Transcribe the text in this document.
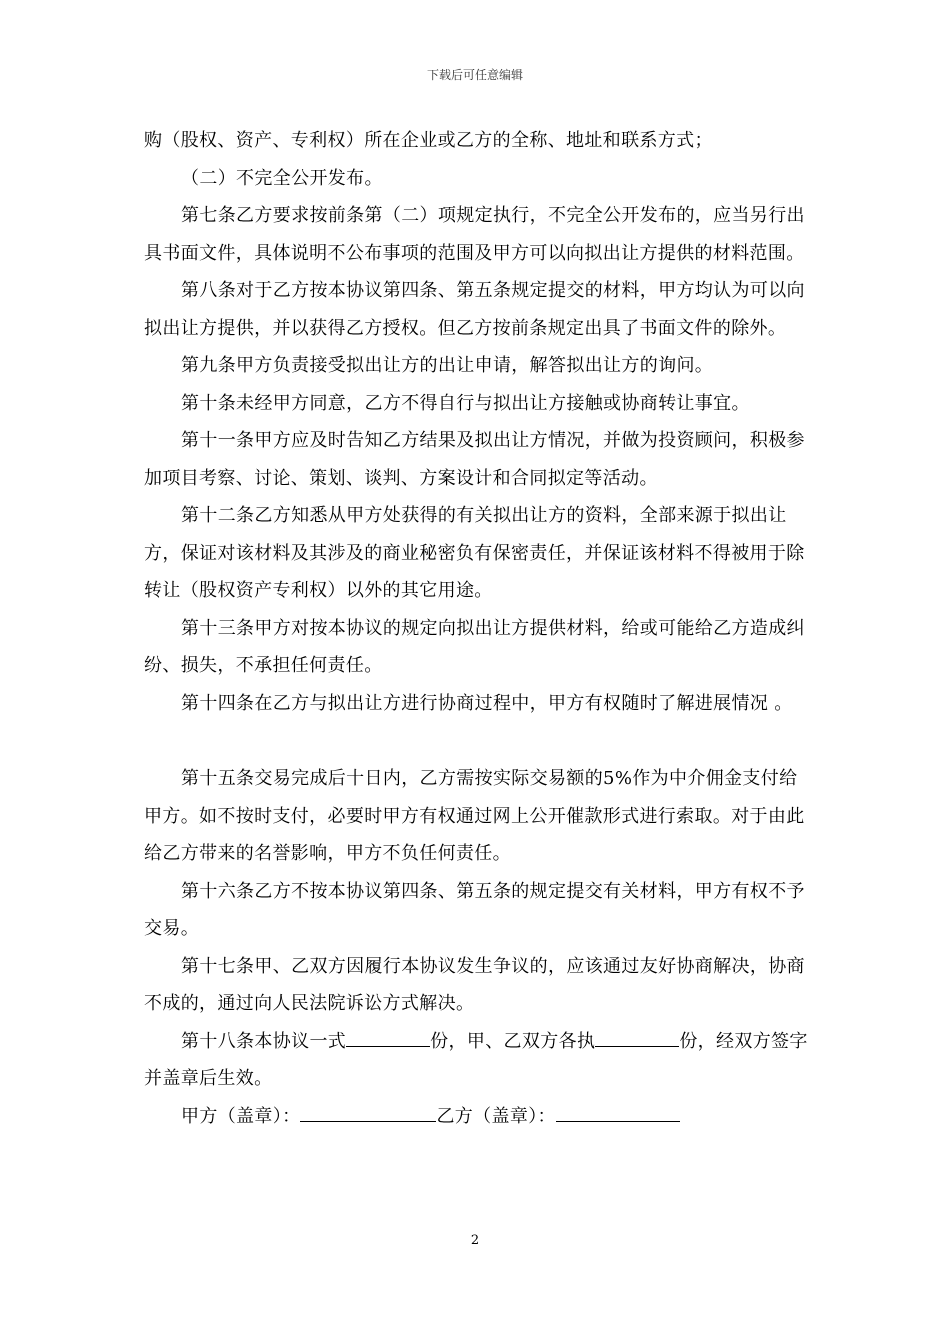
下载后可任意编辑

购（股权、资产、专利权）所在企业或乙方的全称、地址和联系方式；

（二）不完全公开发布。

第七条乙方要求按前条第（二）项规定执行，不完全公开发布的，应当另行出具书面文件，具体说明不公布事项的范围及甲方可以向拟出让方提供的材料范围。

第八条对于乙方按本协议第四条、第五条规定提交的材料，甲方均认为可以向拟出让方提供，并以获得乙方授权。但乙方按前条规定出具了书面文件的除外。

第九条甲方负责接受拟出让方的出让申请，解答拟出让方的询问。

第十条未经甲方同意，乙方不得自行与拟出让方接触或协商转让事宜。

第十一条甲方应及时告知乙方结果及拟出让方情况，并做为投资顾问，积极参加项目考察、讨论、策划、谈判、方案设计和合同拟定等活动。

第十二条乙方知悉从甲方处获得的有关拟出让方的资料，全部来源于拟出让方，保证对该材料及其涉及的商业秘密负有保密责任，并保证该材料不得被用于除转让（股权资产专利权）以外的其它用途。

第十三条甲方对按本协议的规定向拟出让方提供材料，给或可能给乙方造成纠纷、损失，不承担任何责任。

第十四条在乙方与拟出让方进行协商过程中，甲方有权随时了解进展情况 。

第十五条交易完成后十日内，乙方需按实际交易额的5%作为中介佣金支付给甲方。如不按时支付，必要时甲方有权通过网上公开催款形式进行索取。对于由此给乙方带来的名誉影响，甲方不负任何责任。

第十六条乙方不按本协议第四条、第五条的规定提交有关材料，甲方有权不予交易。

第十七条甲、乙双方因履行本协议发生争议的，应该通过友好协商解决，协商不成的，通过向人民法院诉讼方式解决。

第十八条本协议一式	份，甲、乙双方各执	份，经双方签字并盖章后生效。

甲方（盖章）：	乙方（盖章）：

2
